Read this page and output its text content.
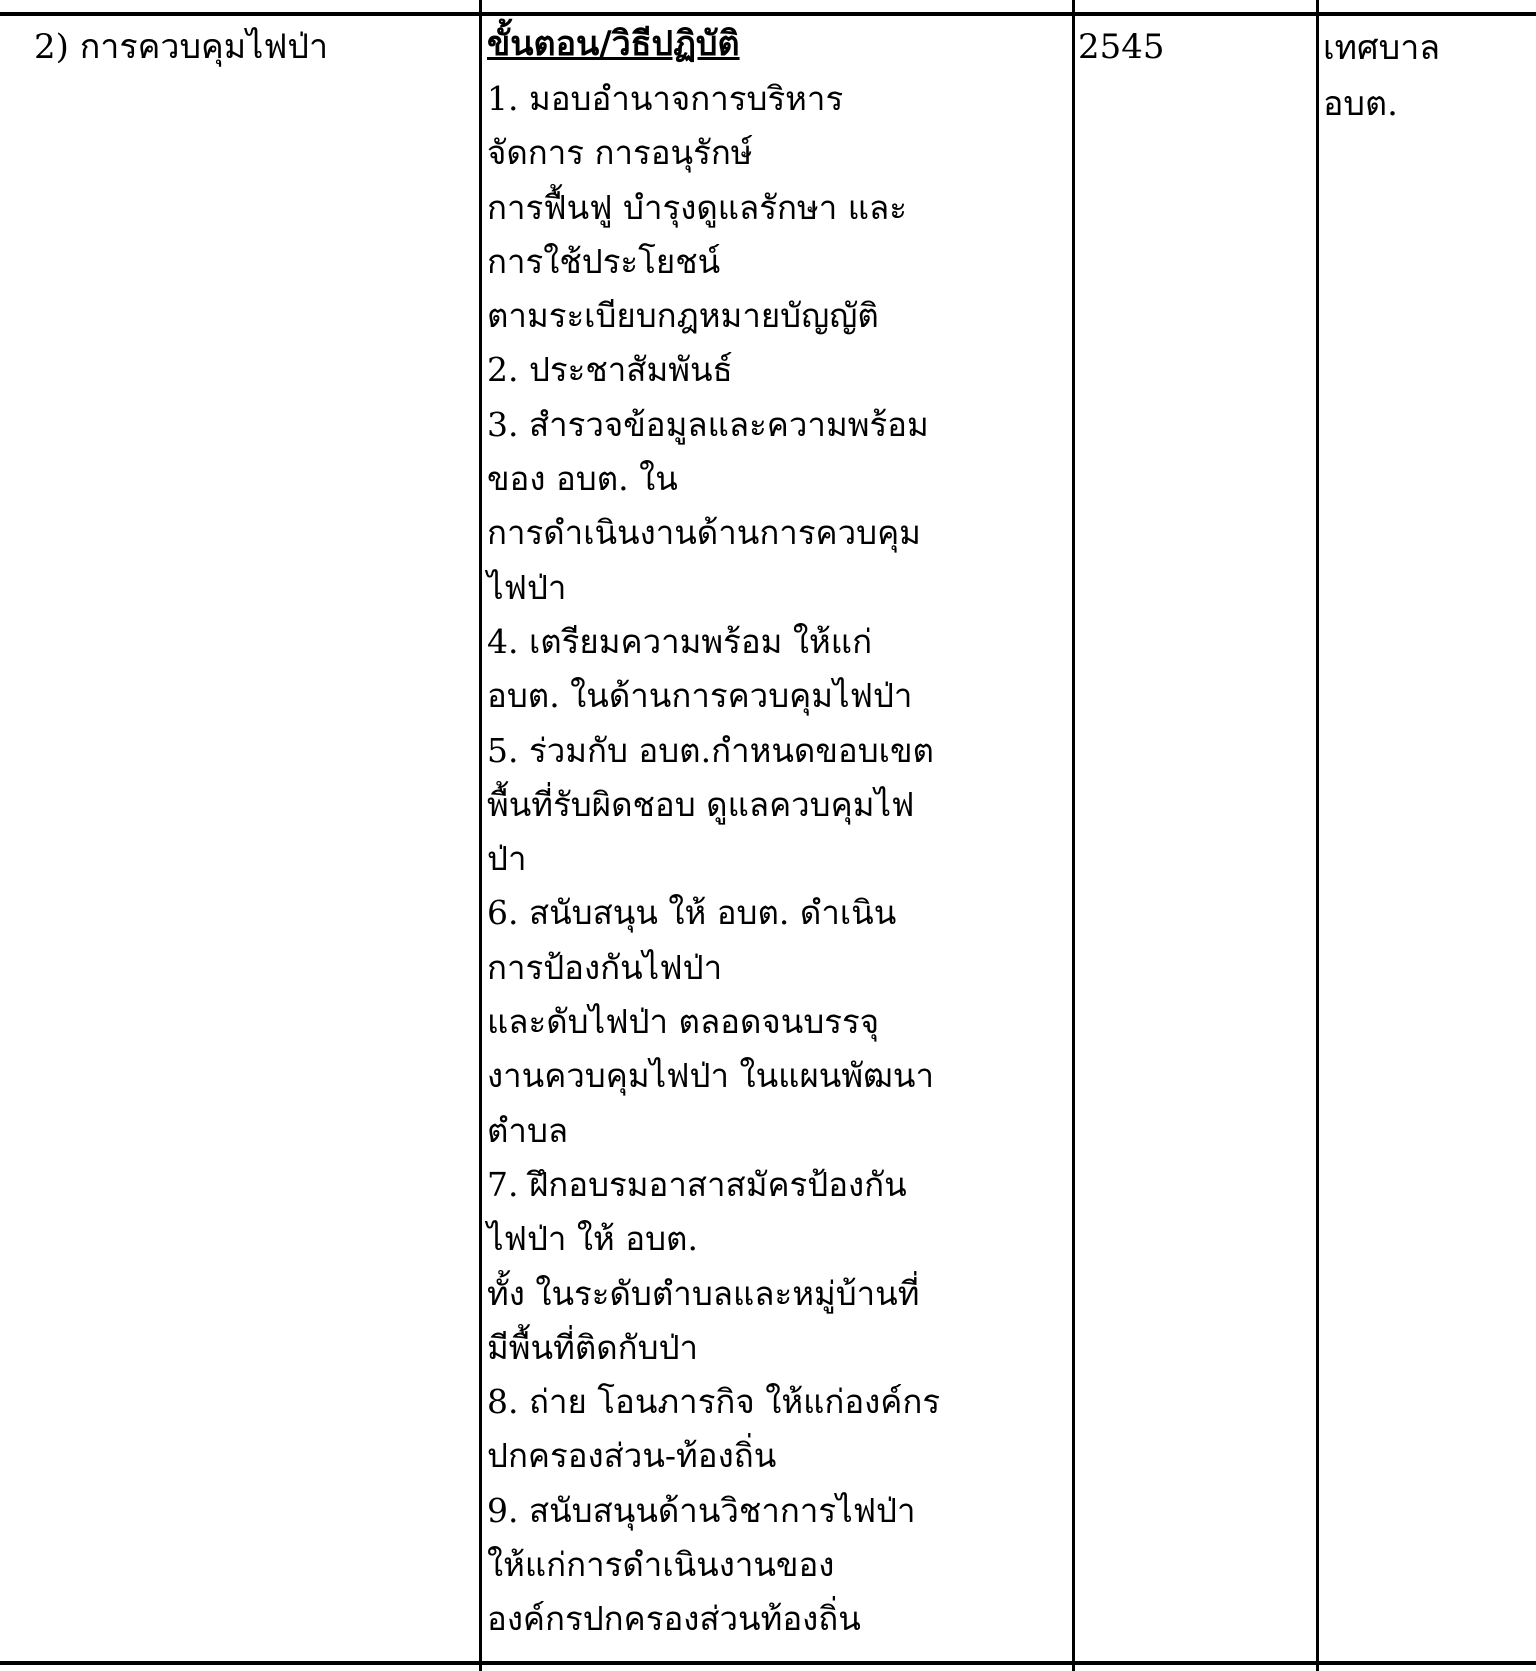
2) การควบคุมไฟป่า	ขั้นตอน/วิธีปฏิบัติ
1. มอบอำนาจการบริหาร
จัดการ การอนุรักษ์
การฟื้นฟู บำรุงดูแลรักษา และ
การใช้ประโยชน์
ตามระเบียบกฎหมายบัญญัติ
2. ประชาสัมพันธ์
3. สำรวจข้อมูลและความพร้อม
ของ อบต. ใน
การดำเนินงานด้านการควบคุม
ไฟป่า
4. เตรียมความพร้อม ให้แก่
อบต. ในด้านการควบคุมไฟป่า
5. ร่วมกับ อบต.กำหนดขอบเขต
พื้นที่รับผิดชอบ ดูแลควบคุมไฟ
ป่า
6. สนับสนุน ให้ อบต. ดำเนิน
การป้องกันไฟป่า
และดับไฟป่า ตลอดจนบรรจุ
งานควบคุมไฟป่า ในแผนพัฒนา
ตำบล
7. ฝึกอบรมอาสาสมัครป้องกัน
ไฟป่า ให้ อบต.
ทั้ง ในระดับตำบลและหมู่บ้านที่
มีพื้นที่ติดกับป่า
8. ถ่าย โอนภารกิจ ให้แก่องค์กร
ปกครองส่วน-ท้องถิ่น
9. สนับสนุนด้านวิชาการไฟป่า
ให้แก่การดำเนินงานของ
องค์กรปกครองส่วนท้องถิ่น
2545	เทศบาล
อบต.
